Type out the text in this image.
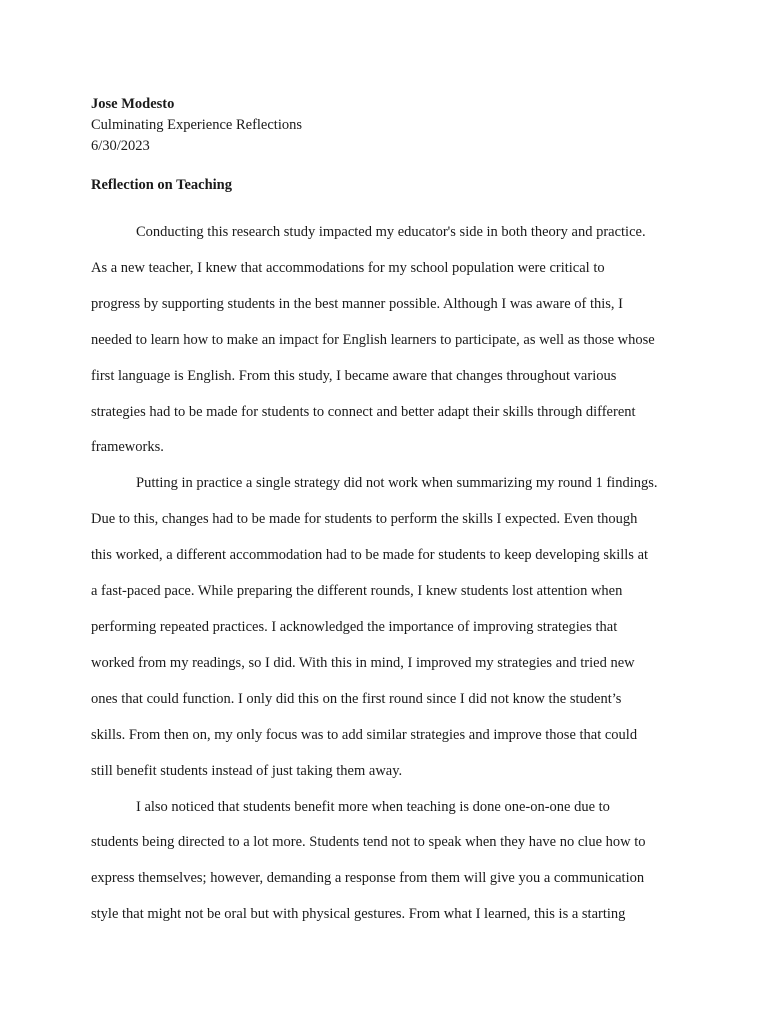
Jose Modesto
Culminating Experience Reflections
6/30/2023
Reflection on Teaching

Conducting this research study impacted my educator's side in both theory and practice.
As a new teacher, I knew that accommodations for my school population were critical to
progress by supporting students in the best manner possible. Although I was aware of this, I
needed to learn how to make an impact for English learners to participate, as well as those whose
first language is English. From this study, I became aware that changes throughout various
strategies had to be made for students to connect and better adapt their skills through different
frameworks.

Putting in practice a single strategy did not work when summarizing my round 1 findings.
Due to this, changes had to be made for students to perform the skills I expected. Even though
this worked, a different accommodation had to be made for students to keep developing skills at
a fast-paced pace. While preparing the different rounds, I knew students lost attention when
performing repeated practices. I acknowledged the importance of improving strategies that
worked from my readings, so I did. With this in mind, I improved my strategies and tried new
ones that could function. I only did this on the first round since I did not know the student’s
skills. From then on, my only focus was to add similar strategies and improve those that could
still benefit students instead of just taking them away.

I also noticed that students benefit more when teaching is done one-on-one due to
students being directed to a lot more. Students tend not to speak when they have no clue how to
express themselves; however, demanding a response from them will give you a communication
style that might not be oral but with physical gestures. From what I learned, this is a starting
